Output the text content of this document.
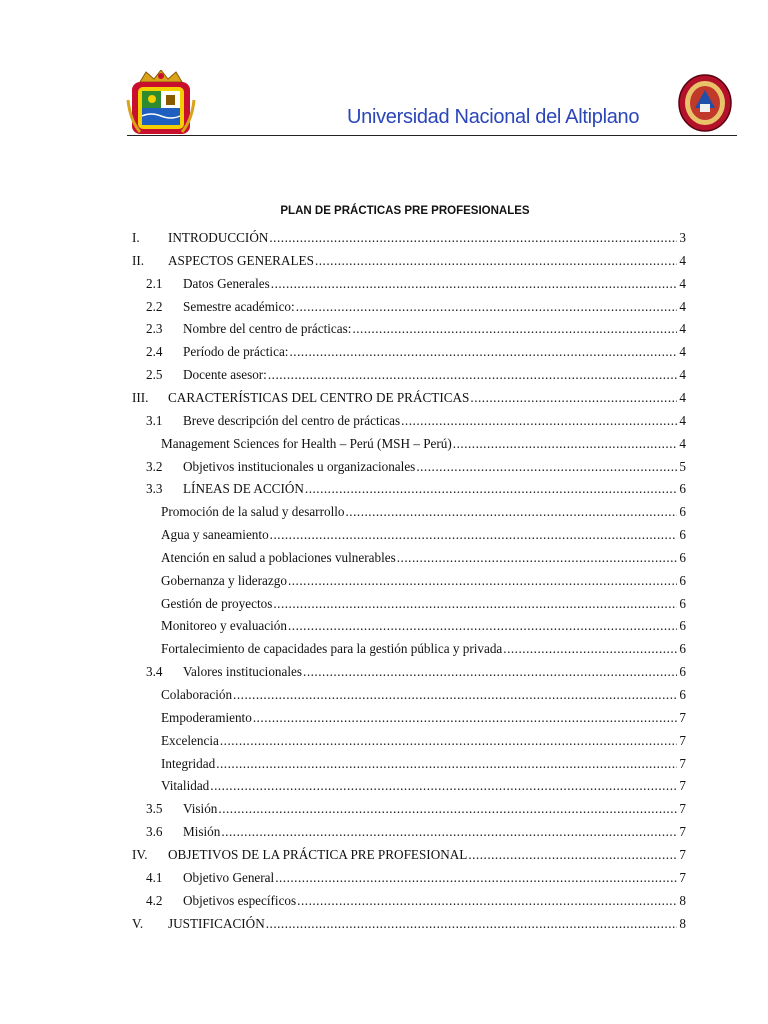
Universidad Nacional del Altiplano
PLAN DE PRÁCTICAS PRE PROFESIONALES
I.	INTRODUCCIÓN .....	3
II.	ASPECTOS GENERALES .....	4
2.1	Datos Generales .....	4
2.2	Semestre académico: .....	4
2.3	Nombre del centro de prácticas: .....	4
2.4	Período de práctica: .....	4
2.5	Docente asesor: .....	4
III.	CARACTERÍSTICAS DEL CENTRO DE PRÁCTICAS .....	4
3.1	Breve descripción del centro de prácticas .....	4
Management Sciences for Health – Perú (MSH – Perú) .....	4
3.2	Objetivos institucionales u organizacionales .....	5
3.3	LÍNEAS DE ACCIÓN .....	6
Promoción de la salud y desarrollo .....	6
Agua y saneamiento .....	6
Atención en salud a poblaciones vulnerables .....	6
Gobernanza y liderazgo .....	6
Gestión de proyectos .....	6
Monitoreo y evaluación .....	6
Fortalecimiento de capacidades para la gestión pública y privada .....	6
3.4	Valores institucionales .....	6
Colaboración .....	6
Empoderamiento .....	7
Excelencia .....	7
Integridad .....	7
Vitalidad .....	7
3.5	Visión .....	7
3.6	Misión .....	7
IV.	OBJETIVOS DE LA PRÁCTICA PRE PROFESIONAL .....	7
4.1	Objetivo General .....	7
4.2	Objetivos específicos .....	8
V.	JUSTIFICACIÓN .....	8
